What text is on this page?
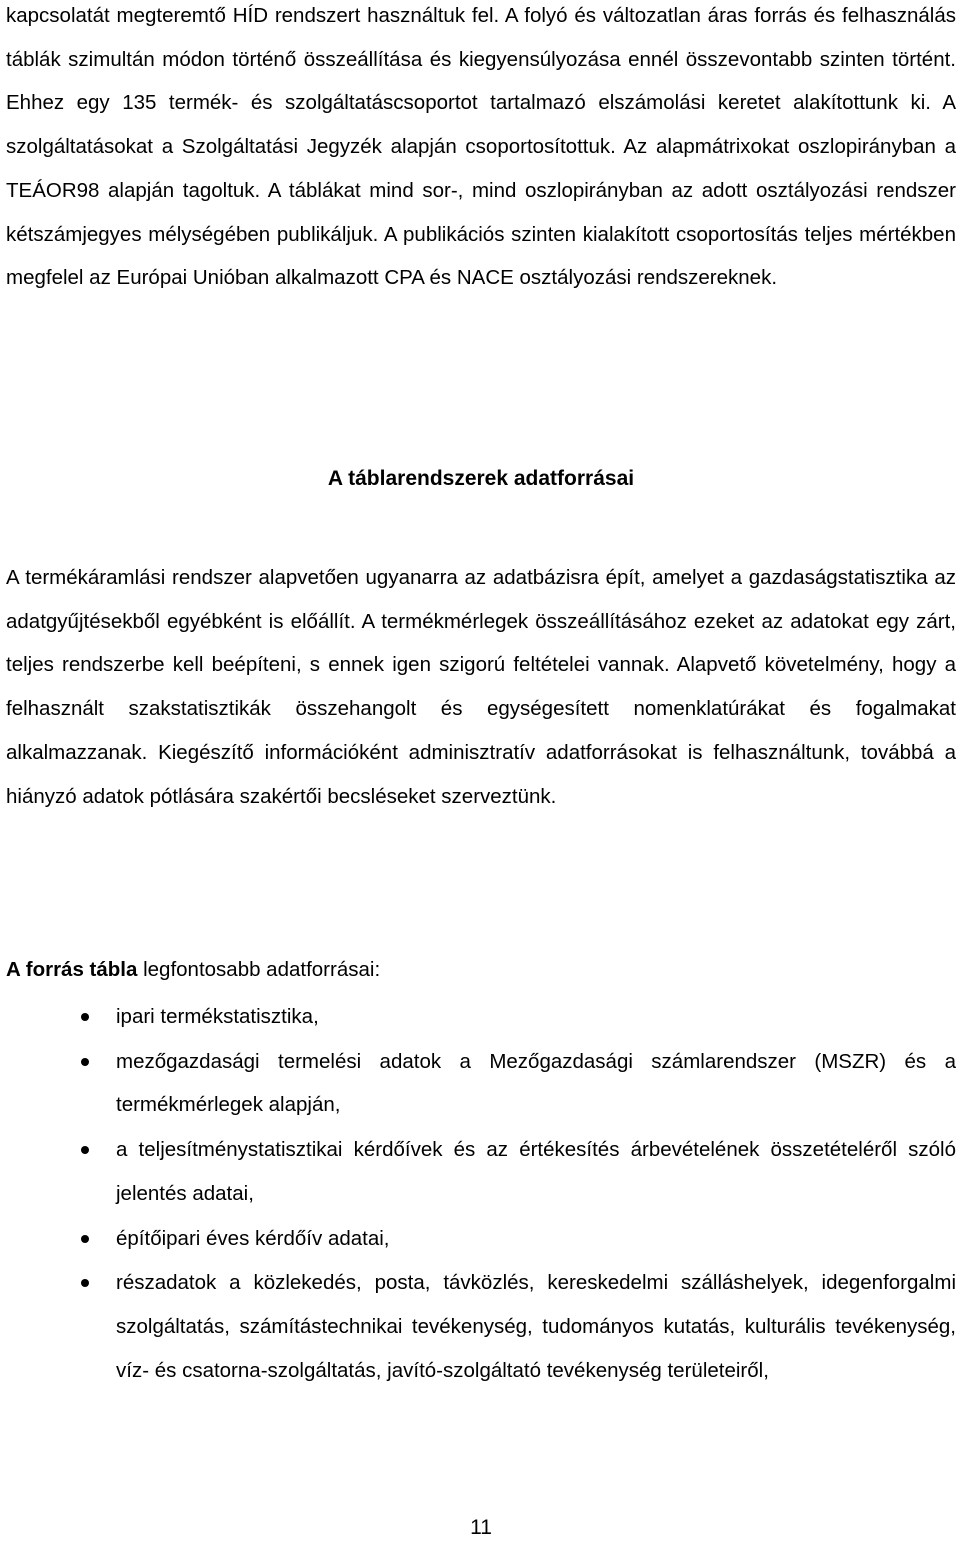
kapcsolatát megteremtő HÍD rendszert használtuk fel. A folyó és változatlan áras forrás és felhasználás táblák szimultán módon történő összeállítása és kiegyensúlyozása ennél összevontabb szinten történt. Ehhez egy 135 termék- és szolgáltatáscsoportot tartalmazó elszámolási keretet alakítottunk ki. A szolgáltatásokat a Szolgáltatási Jegyzék alapján csoportosítottuk. Az alapmátrixokat oszlopirányban a TEÁOR98 alapján tagoltuk. A táblákat mind sor-, mind oszlopirányban az adott osztályozási rendszer kétszámjegyes mélységében publikáljuk. A publikációs szinten kialakított csoportosítás teljes mértékben megfelel az Európai Unióban alkalmazott CPA és NACE osztályozási rendszereknek.

A táblarendszerek adatforrásai

A termékáramlási rendszer alapvetően ugyanarra az adatbázisra épít, amelyet a gazdaságstatisztika az adatgyűjtésekből egyébként is előállít. A termékmérlegek összeállításához ezeket az adatokat egy zárt, teljes rendszerbe kell beépíteni, s ennek igen szigorú feltételei vannak. Alapvető követelmény, hogy a felhasznált szakstatisztikák összehangolt és egységesített nomenklatúrákat és fogalmakat alkalmazzanak. Kiegészítő információként adminisztratív adatforrásokat is felhasználtunk, továbbá a hiányzó adatok pótlására szakértői becsléseket szerveztünk.

A forrás tábla legfontosabb adatforrásai:

ipari termékstatisztika,
mezőgazdasági termelési adatok a Mezőgazdasági számlarendszer (MSZR) és a termékmérlegek alapján,
a teljesítménystatisztikai kérdőívek és az értékesítés árbevételének összetételéről szóló jelentés adatai,
építőipari éves kérdőív adatai,
részadatok a közlekedés, posta, távközlés, kereskedelmi szálláshelyek, idegenforgalmi szolgáltatás, számítástechnikai tevékenység, tudományos kutatás, kulturális tevékenység, víz- és csatorna-szolgáltatás, javító-szolgáltató tevékenység területeiről,
11
